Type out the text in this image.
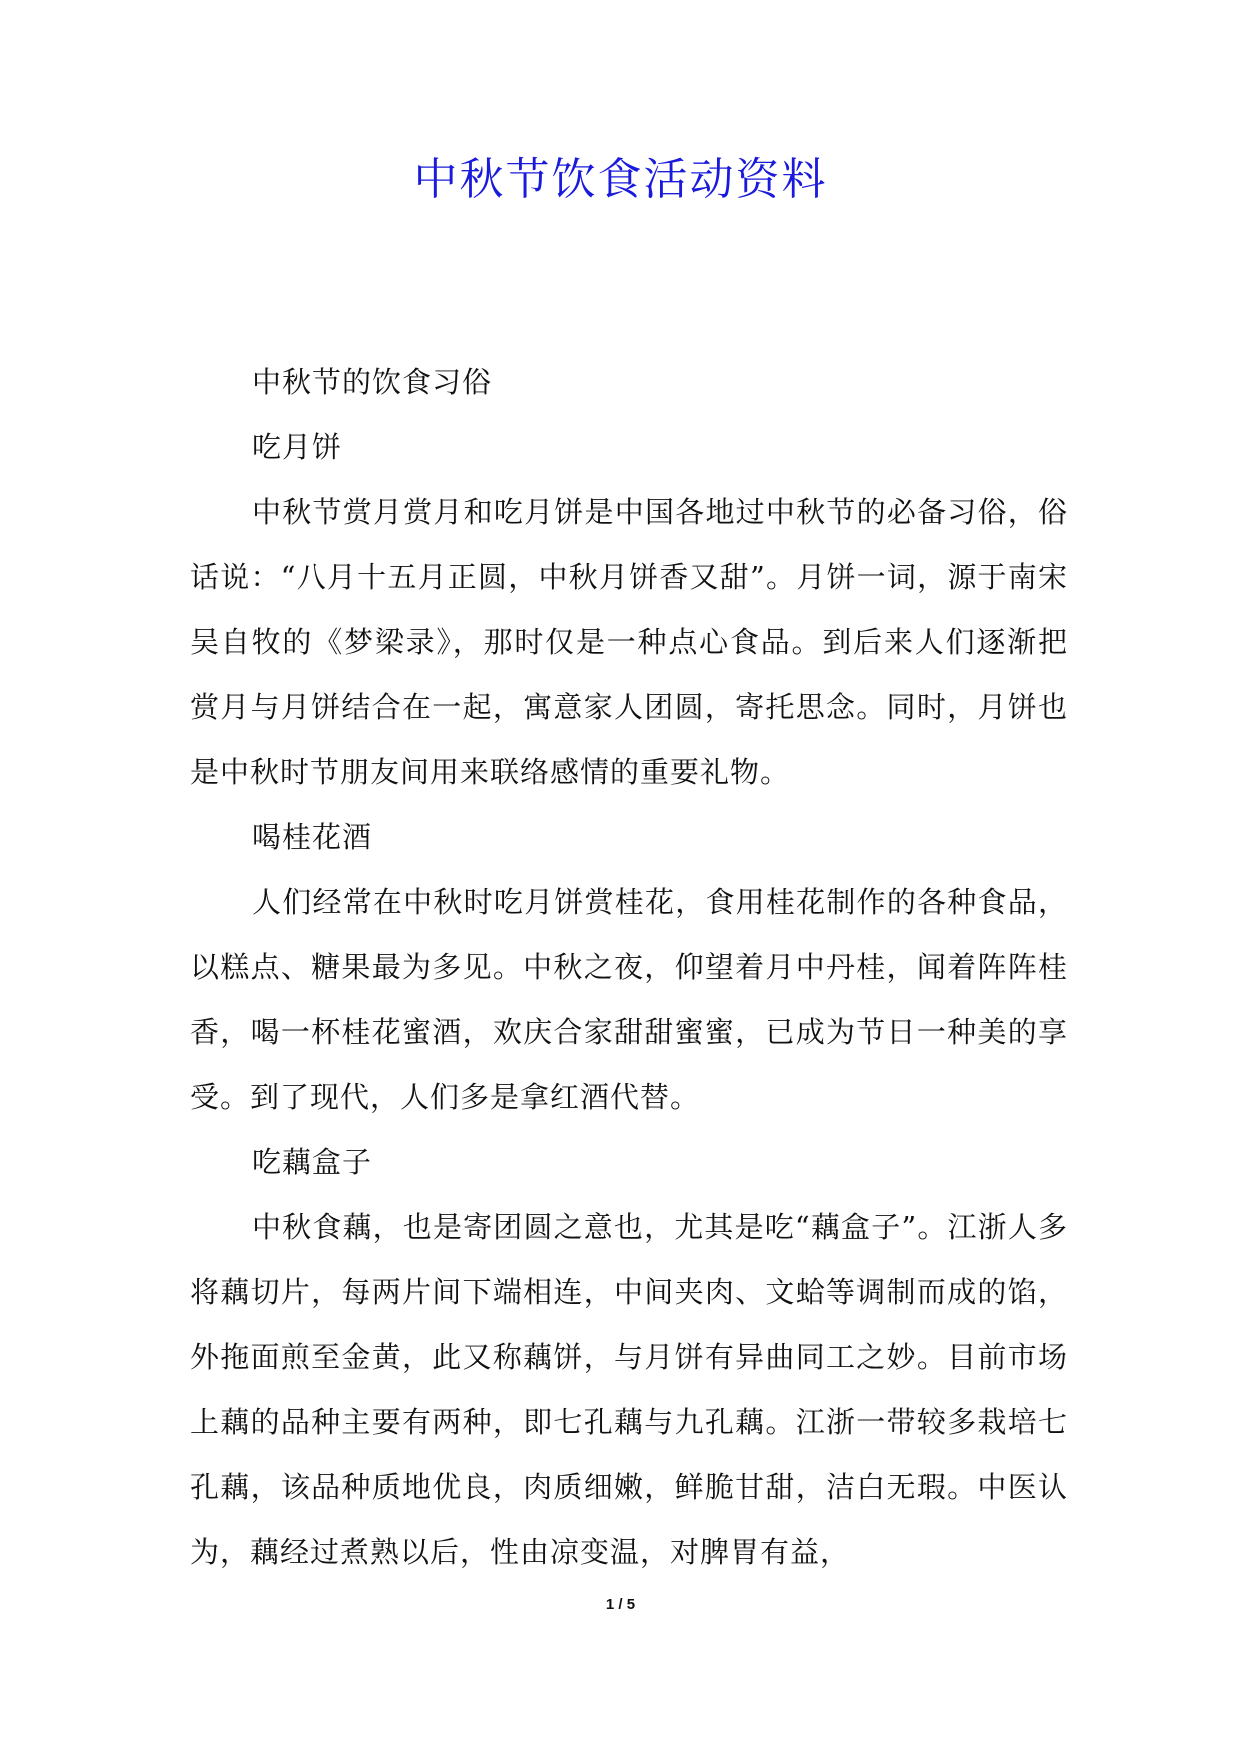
中秋节饮食活动资料

中秋节的饮食习俗

吃月饼

中秋节赏月赏月和吃月饼是中国各地过中秋节的必备习俗，俗话说：“八月十五月正圆，中秋月饼香又甜”。月饼一词，源于南宋吴自牧的《梦梁录》，那时仅是一种点心食品。到后来人们逐渐把赏月与月饼结合在一起，寓意家人团圆，寄托思念。同时，月饼也是中秋时节朋友间用来联络感情的重要礼物。

喝桂花酒

人们经常在中秋时吃月饼赏桂花，食用桂花制作的各种食品，以糕点、糖果最为多见。中秋之夜，仰望着月中丹桂，闻着阵阵桂香，喝一杯桂花蜜酒，欢庆合家甜甜蜜蜜，已成为节日一种美的享受。到了现代，人们多是拿红酒代替。

吃藕盒子

中秋食藕，也是寄团圆之意也，尤其是吃“藕盒子”。江浙人多将藕切片，每两片间下端相连，中间夹肉、文蛤等调制而成的馅，外拖面煎至金黄，此又称藕饼，与月饼有异曲同工之妙。目前市场上藕的品种主要有两种，即七孔藕与九孔藕。江浙一带较多栽培七孔藕，该品种质地优良，肉质细嫩，鲜脆甘甜，洁白无瑕。中医认为，藕经过煮熟以后，性由凉变温，对脾胃有益，

1 / 5
